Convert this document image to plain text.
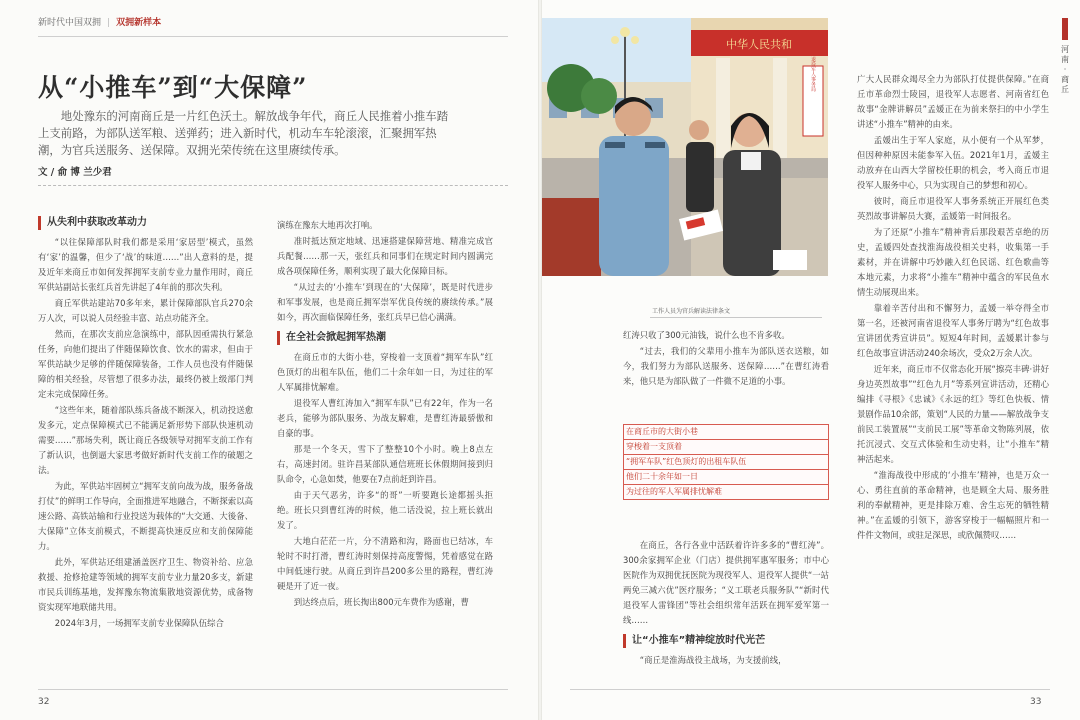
新时代中国双拥 | 双拥新样本
从“小推车”到“大保障”
地处豫东的河南商丘是一片红色沃土。解放战争年代，商丘人民推着小推车踏上支前路，为部队送军粮、送弹药；进入新时代，机动车车轮滚滚，汇聚拥军热潮，为官兵送服务、送保障。双拥光荣传统在这里赓续传承。
文 / 俞 博 兰少君
从失利中获取改革动力

“以往保障部队时我们都是采用‘家居型’模式，虽然有‘家’的温馨，但少了‘战’的味道……”出人意料的是，提及近年来商丘市如何发挥拥军支前专业力量作用时，商丘军供站副站长张红兵首先讲起了4年前的那次失利。

商丘军供站建站70多年来，累计保障部队官兵270余万人次，可以说人员经验丰富、站点功能齐全。

然而，在那次支前应急演练中，部队因亟需执行紧急任务，向他们提出了伴随保障饮食、饮水的需求，但由于军供站缺少足够的伴随保障装备，工作人员也没有伴随保障的相关经验，尽管想了很多办法，最终仍被上级部门判定未完成保障任务。

“这些年来，随着部队练兵备战不断深入，机动投送愈发多元，定点保障模式已不能满足新形势下部队快速机动需要……”那场失利，既让商丘各级领导对拥军支前工作有了新认识，也倒逼大家思考做好新时代支前工作的破题之法。

为此，军供站牢固树立“拥军支前向战为战，服务备战打仗”的鲜明工作导向，全面推进军地融合，不断探索以高速公路、高铁站输和行业投送为载体的“大交通、大後备、大保障”立体支前模式，不断提高快速反应和支前保障能力。

此外，军供站还组建涵盖医疗卫生、物资补给、应急救援、抢修抢建等领域的拥军支前专业力量20多支，新建市民兵训练基地，发挥豫东物流集散地资源优势，成备物资实现军地联储共用。

2024年3月，一场拥军支前专业保障队伍综合

演练在豫东大地再次打响。

准时抵达预定地域、迅速搭建保障营地、精准完成官兵配餐……那一天，张红兵和同事们在规定时间内圆满完成各项保障任务，顺利实现了最大化保障目标。

“从过去的‘小推车’到现在的‘大保障’，既是时代进步和军事发展，也是商丘拥军崇军优良传统的赓续传承。”展如今，再次面临保障任务，张红兵早已信心满满。

在全社会掀起拥军热潮

在商丘市的大街小巷，穿梭着一支顶着“拥军车队”红色顶灯的出租车队伍，他们二十余年如一日，为过往的军人军属排忧解难。

退役军人曹红涛加入“拥军车队”已有22年，作为一名老兵，能够为部队服务、为战友解难，是曹红涛最骄傲和自豪的事。

那是一个冬天，雪下了整整10个小时。晚上8点左右，高速封闭。驻许昌某部队通信班班长休假期间接到归队命令，心急如焚，他要在7点前赶到许昌。

由于天气恶劣，许多“的哥”一听要跑长途都摇头拒绝。班长只到曹红涛的时候，他二话没说，拉上班长就出发了。

大地白茫茫一片，分不清路和沟，路面也已结冰，车轮时不时打滑，曹红涛时刻保持高度警惕，凭着感觉在路中间低速行驶。从商丘到许昌200多公里的路程，曹红涛硬是开了近一夜。

到达终点后，班长掏出800元车费作为感谢，曹

32
中华人民共和
退役军人事务局
工作人员为官兵解读法律条文

红涛只收了300元油钱，说什么也不肯多收。

“过去，我们的父辈用小推车为部队送衣送粮，如今，我们努力为部队送服务、送保障……”在曹红涛看来，他只是为部队做了一件微不足道的小事。

在商丘市的大街小巷
穿梭着一支顶着
“拥军车队”红色顶灯的出租车队伍
他们二十余年如一日
为过往的军人军属排忧解难

在商丘，各行各业中活跃着许许多多的“曹红涛”。300余家拥军企业（门店）提供拥军惠军服务；市中心医院作为双拥优抚医院为现役军人、退役军人提供“一站两免三减六优”医疗服务；“义工联老兵服务队”“新时代退役军人雷锋团”等社会组织常年活跃在拥军爱军第一线……

让“小推车”精神绽放时代光芒

“商丘是淮海战役主战场，为支援前线，

广大人民群众竭尽全力为部队打仗提供保障。”在商丘市革命烈士陵园，退役军人志愿者、河南省红色故事“金牌讲解员”孟媛正在为前来祭扫的中小学生讲述“小推车”精神的由来。

孟媛出生于军人家庭，从小便有一个从军梦，但因种种原因未能参军入伍。2021年1月，孟媛主动放弃在山西大学留校任职的机会，考入商丘市退役军人服务中心，只为实现自己的梦想和初心。

彼时，商丘市退役军人事务系统正开展红色类英烈故事讲解员大赛，孟媛第一时间报名。

为了还原“小推车”精神背后那段艰苦卓绝的历史，孟媛四处查找淮海战役相关史料，收集第一手素材，并在讲解中巧妙融入红色民谣、红色歌曲等本地元素，力求将“小推车”精神中蕴含的军民鱼水情生动展现出来。

靠着辛苦付出和不懈努力，孟媛一举夺得全市第一名，还被河南省退役军人事务厅聘为“红色故事宣讲团优秀宣讲员”。短短4年时间，孟媛累计参与红色故事宣讲活动240余场次，受众2万余人次。

近年来，商丘市不仅常态化开展“擦亮丰碑·讲好身边英烈故事”“红色九月”等系列宣讲活动，还精心编排《寻根》《忠诚》《永远的红》等红色快板、情景剧作品10余部，策划“人民的力量——解放战争支前民工装置展”“支前民工展”等革命文物陈列展，依托沉浸式、交互式体验和生动史料，让“小推车”精神活起来。

“淮海战役中形成的‘小推车’精神，也是万众一心、勇往直前的革命精神，也是顾全大局、服务胜利的奉献精神，更是排除万难、舍生忘死的牺牲精神。”在孟媛的引领下，游客穿梭于一幅幅照片和一件件文物间，或驻足深思，或欣佩赞叹……

河
南
·
商
丘
33
